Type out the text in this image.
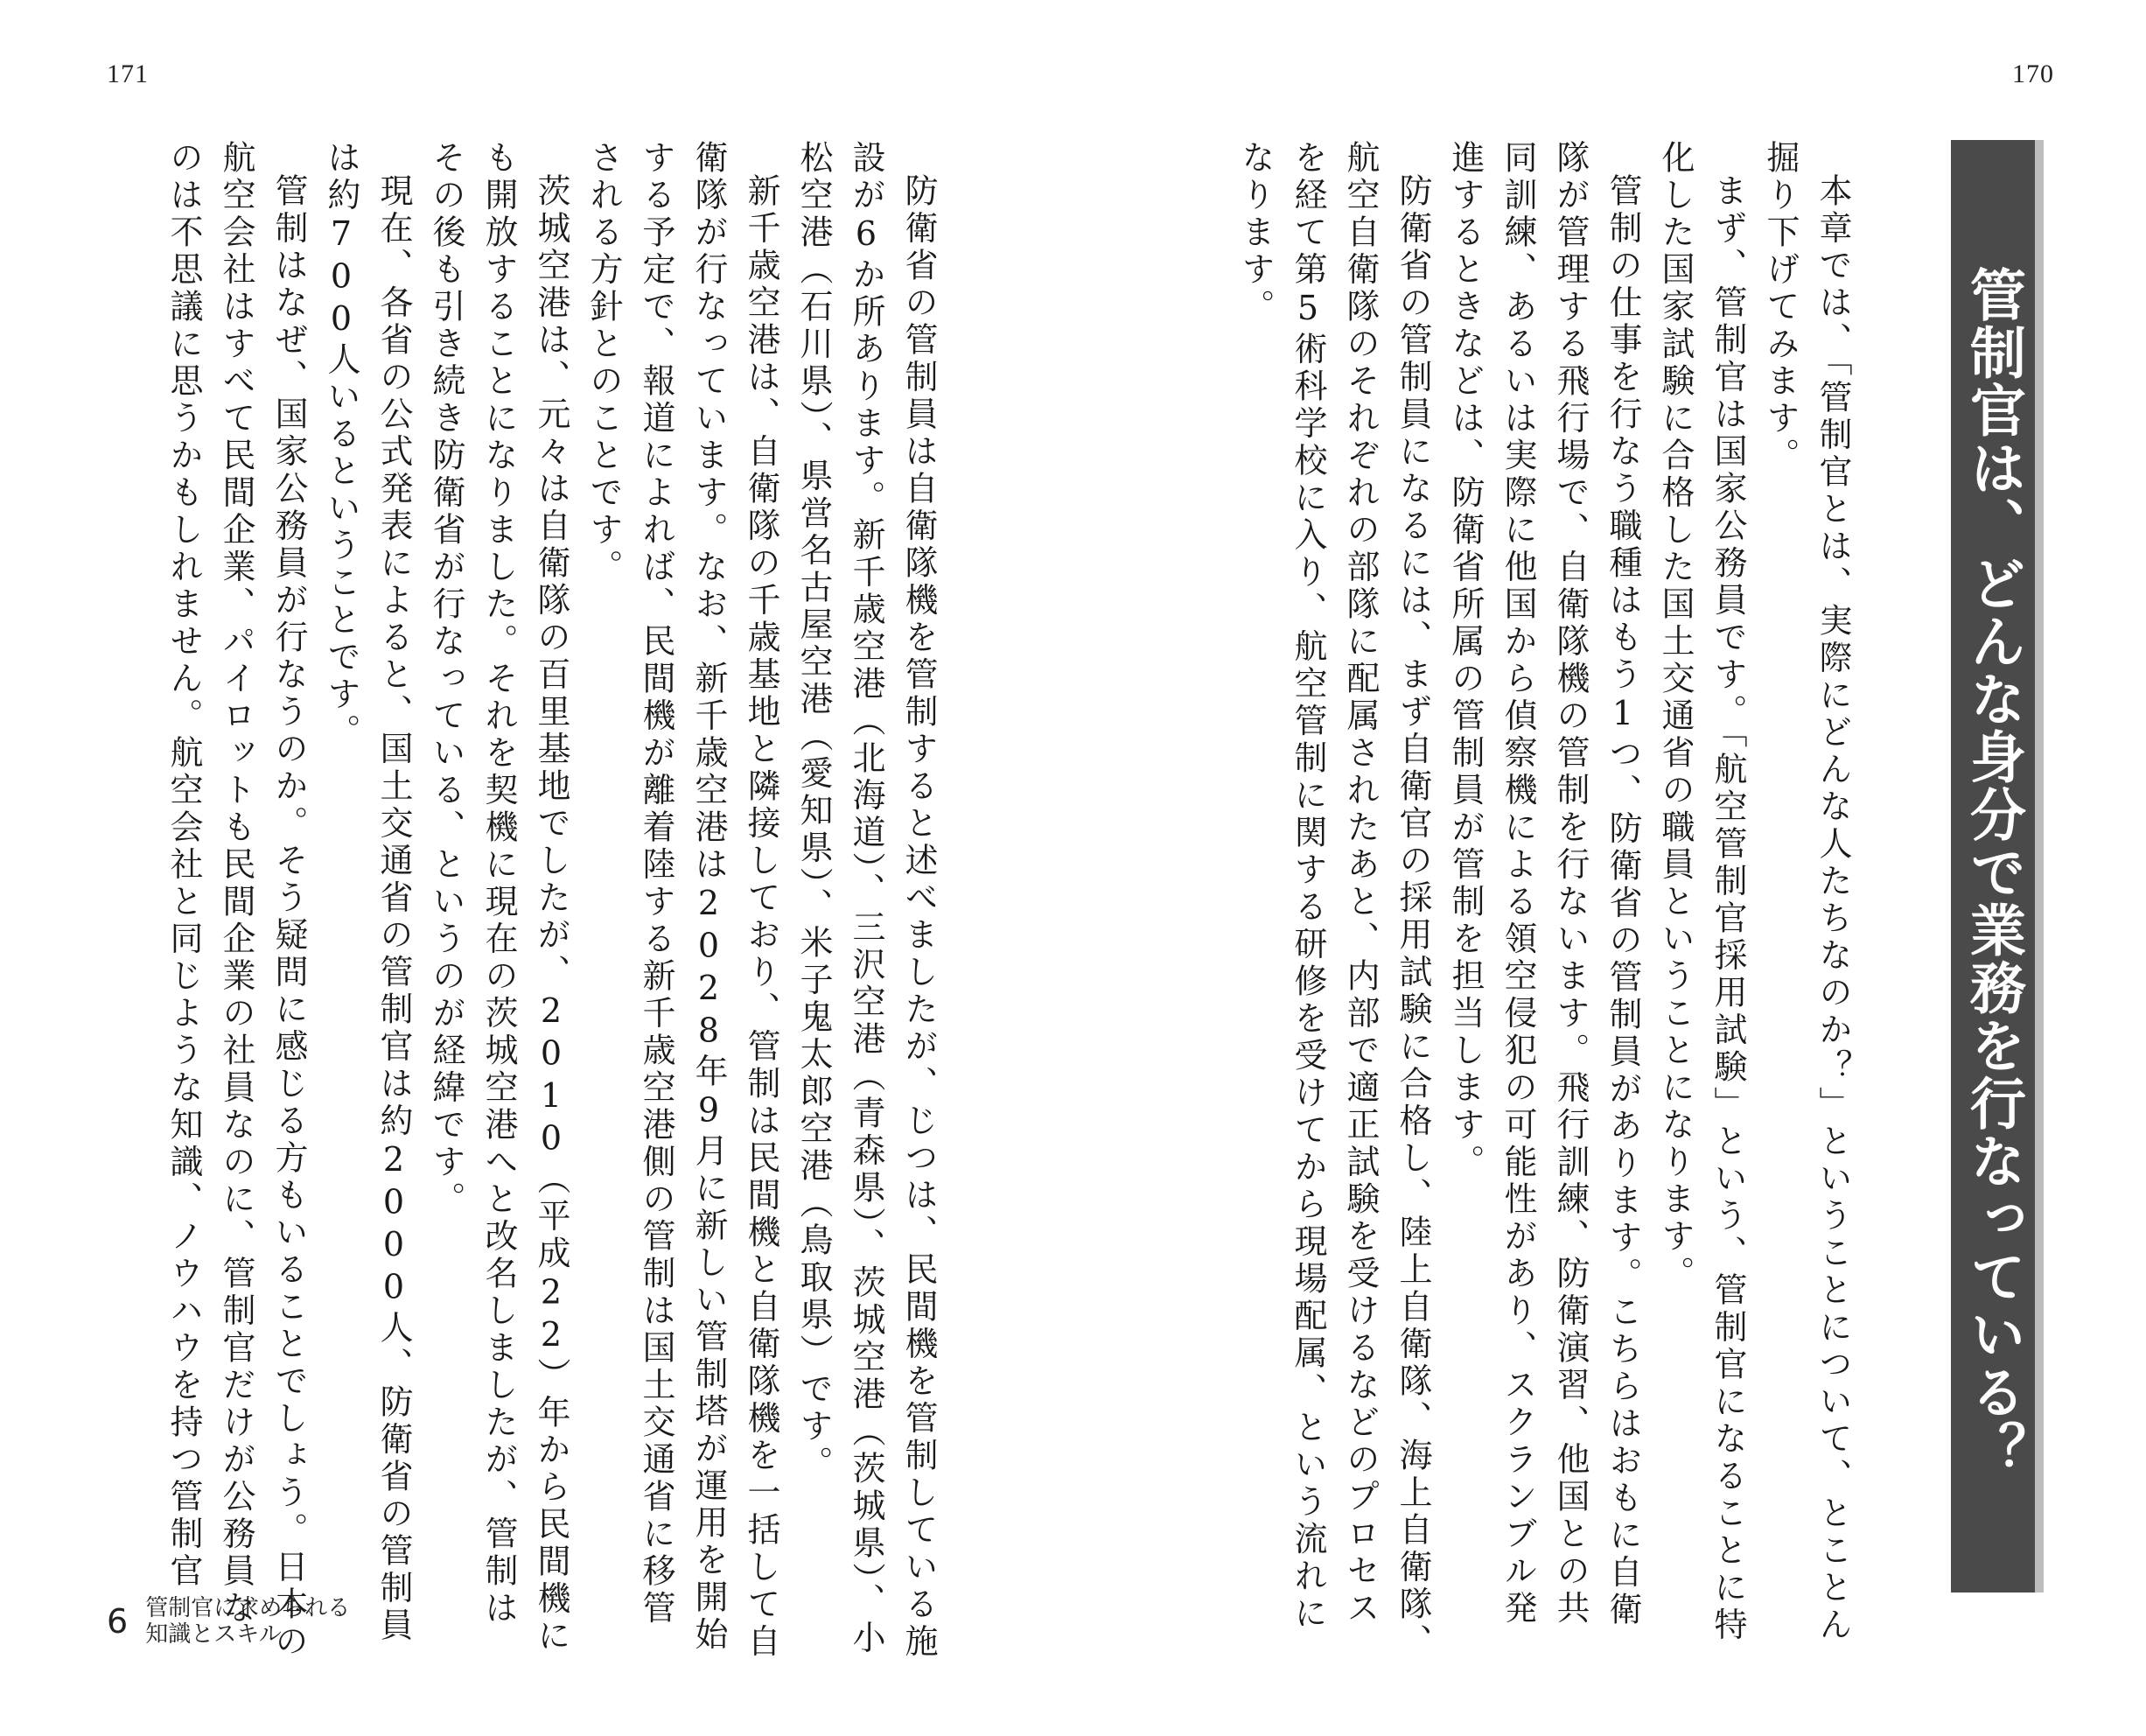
171	170
管制官は、どんな身分で業務を行なっている？
本章では、「管制官とは、実際にどんな人たちなのか？」ということについて、とことん掘り下げてみます。
まず、管制官は国家公務員です。「航空管制官採用試験」という、管制官になることに特化した国家試験に合格した国土交通省の職員ということになります。
管制の仕事を行なう職種はもう1つ、防衛省の管制員があります。こちらはおもに自衛隊が管理する飛行場で、自衛隊機の管制を行ないます。飛行訓練、防衛演習、他国との共同訓練、あるいは実際に他国から偵察機による領空侵犯の可能性があり、スクランブル発進するときなどは、防衛省所属の管制員が管制を担当します。
防衛省の管制員になるには、まず自衛官の採用試験に合格し、陸上自衛隊、海上自衛隊、航空自衛隊のそれぞれの部隊に配属されたあと、内部で適正試験を受けるなどのプロセスを経て第5術科学校に入り、航空管制に関する研修を受けてから現場配属、という流れになります。
防衛省の管制員は自衛隊機を管制すると述べましたが、じつは、民間機を管制している施設が6か所あります。新千歳空港（北海道）、三沢空港（青森県）、茨城空港（茨城県）、小松空港（石川県）、県営名古屋空港（愛知県）、米子鬼太郎空港（鳥取県）です。
新千歳空港は、自衛隊の千歳基地と隣接しており、管制は民間機と自衛隊機を一括して自衛隊が行なっています。なお、新千歳空港は2028年9月に新しい管制塔が運用を開始する予定で、報道によれば、民間機が離着陸する新千歳空港側の管制は国土交通省に移管される方針とのことです。
茨城空港は、元々は自衛隊の百里基地でしたが、2010（平成22）年から民間機にも開放することになりました。それを契機に現在の茨城空港へと改名しましたが、管制はその後も引き続き防衛省が行なっている、というのが経緯です。
現在、各省の公式発表によると、国土交通省の管制官は約2000人、防衛省の管制員は約700人いるということです。
管制はなぜ、国家公務員が行なうのか。そう疑問に感じる方もいることでしょう。日本の航空会社はすべて民間企業、パイロットも民間企業の社員なのに、管制官だけが公務員なのは不思議に思うかもしれません。航空会社と同じような知識、ノウハウを持つ管制官
6 管制官に求められる
知識とスキル
